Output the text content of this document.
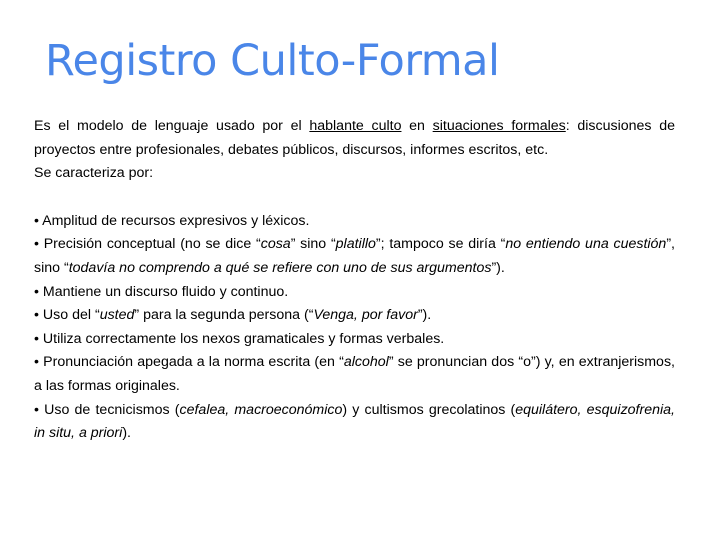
Registro Culto-Formal

Es el modelo de lenguaje usado por el hablante culto en situaciones formales: discusiones de proyectos entre profesionales, debates públicos, discursos, informes escritos, etc.

Se caracteriza por:

• Amplitud de recursos expresivos y léxicos.

• Precisión conceptual (no se dice “cosa” sino “platillo”; tampoco se diría “no entiendo una cuestión”, sino “todavía no comprendo a qué se refiere con uno de sus argumentos”).

• Mantiene un discurso fluido y continuo.

• Uso del “usted” para la segunda persona (“Venga, por favor”).

• Utiliza correctamente los nexos gramaticales y formas verbales.

• Pronunciación apegada a la norma escrita (en “alcohol” se pronuncian dos “o”) y, en extranjerismos, a las formas originales.

• Uso de tecnicismos (cefalea, macroeconómico) y cultismos grecolatinos (equilátero, esquizofrenia, in situ, a priori).
